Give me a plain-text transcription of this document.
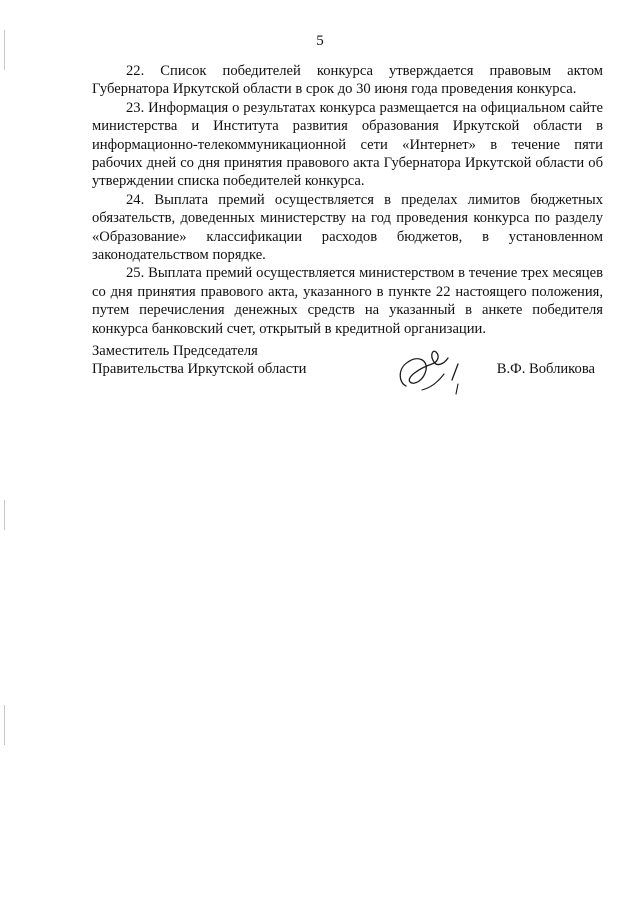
5

22. Список победителей конкурса утверждается правовым актом Губернатора Иркутской области в срок до 30 июня года проведения конкурса.

23. Информация о результатах конкурса размещается на официальном сайте министерства и Института развития образования Иркутской области в информационно-телекоммуникационной сети «Интернет» в течение пяти рабочих дней со дня принятия правового акта Губернатора Иркутской области об утверждении списка победителей конкурса.

24. Выплата премий осуществляется в пределах лимитов бюджетных обязательств, доведенных министерству на год проведения конкурса по разделу «Образование» классификации расходов бюджетов, в установленном законодательством порядке.

25. Выплата премий осуществляется министерством в течение трех месяцев со дня принятия правового акта, указанного в пункте 22 настоящего положения, путем перечисления денежных средств на указанный в анкете победителя конкурса банковский счет, открытый в кредитной организации.

Заместитель Председателя
Правительства Иркутской области	В.Ф. Вобликова
